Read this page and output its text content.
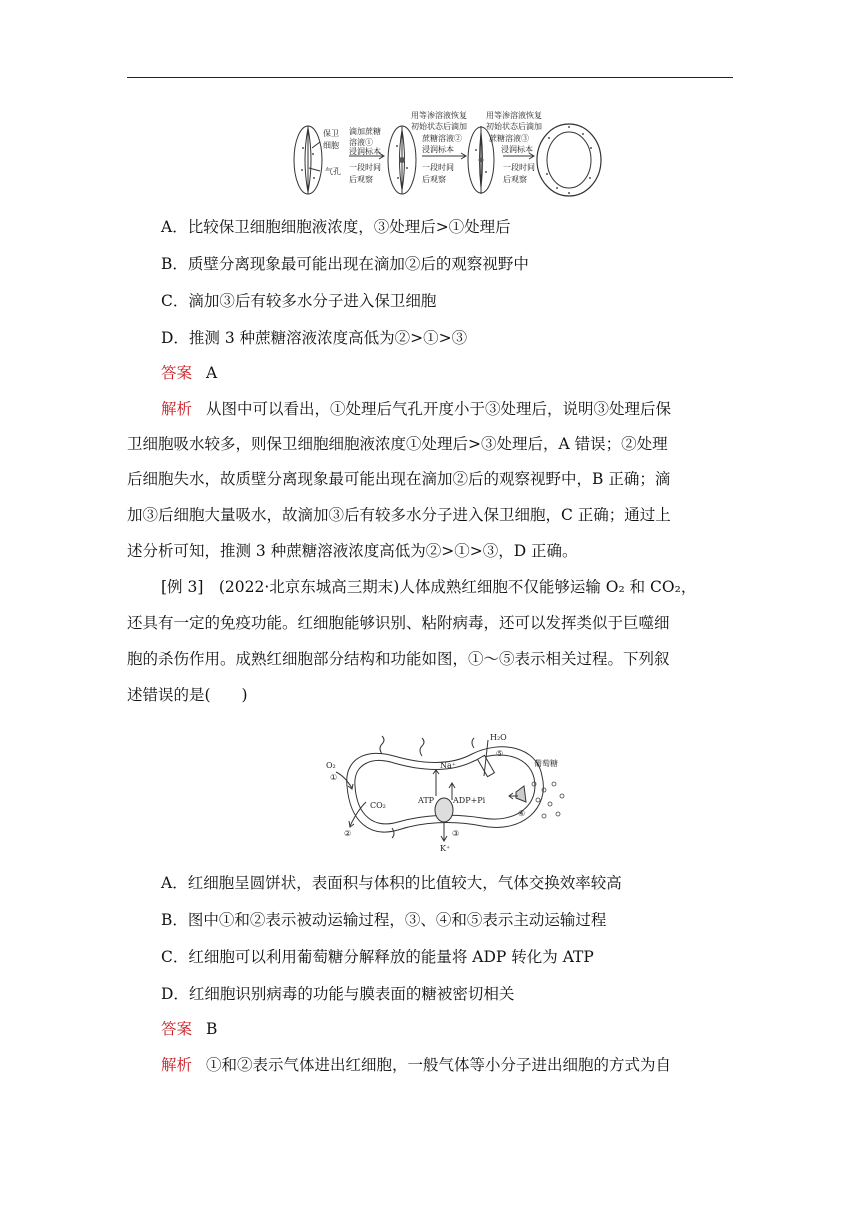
保卫
细胞
气孔
滴加蔗糖
溶液①
浸润标本
一段时间
后观察
用等渗溶液恢复
初始状态后滴加
蔗糖溶液②
浸润标本
一段时间
后观察
用等渗溶液恢复
初始状态后滴加
蔗糖溶液③
浸润标本
一段时间
后观察
A．比较保卫细胞细胞液浓度，③处理后>①处理后
B．质壁分离现象最可能出现在滴加②后的观察视野中
C．滴加③后有较多水分子进入保卫细胞
D．推测 3 种蔗糖溶液浓度高低为②>①>③
答案 A
解析 从图中可以看出，①处理后气孔开度小于③处理后，说明③处理后保
卫细胞吸水较多，则保卫细胞细胞液浓度①处理后>③处理后，A 错误；②处理
后细胞失水，故质壁分离现象最可能出现在滴加②后的观察视野中，B 正确；滴
加③后细胞大量吸水，故滴加③后有较多水分子进入保卫细胞，C 正确；通过上
述分析可知，推测 3 种蔗糖溶液浓度高低为②>①>③，D 正确。
[例 3]　(2022·北京东城高三期末)人体成熟红细胞不仅能够运输 O₂ 和 CO₂，
还具有一定的免疫功能。红细胞能够识别、粘附病毒，还可以发挥类似于巨噬细
胞的杀伤作用。成熟红细胞部分结构和功能如图，①～⑤表示相关过程。下列叙
述错误的是(　　)
O₂
①
CO₂
②
Na⁺
ATP ADP+Pi
③
K⁺
H₂O
⑤
葡萄糖
④
A．红细胞呈圆饼状，表面积与体积的比值较大，气体交换效率较高
B．图中①和②表示被动运输过程，③、④和⑤表示主动运输过程
C．红细胞可以利用葡萄糖分解释放的能量将 ADP 转化为 ATP
D．红细胞识别病毒的功能与膜表面的糖被密切相关
答案 B
解析 ①和②表示气体进出红细胞，一般气体等小分子进出细胞的方式为自
